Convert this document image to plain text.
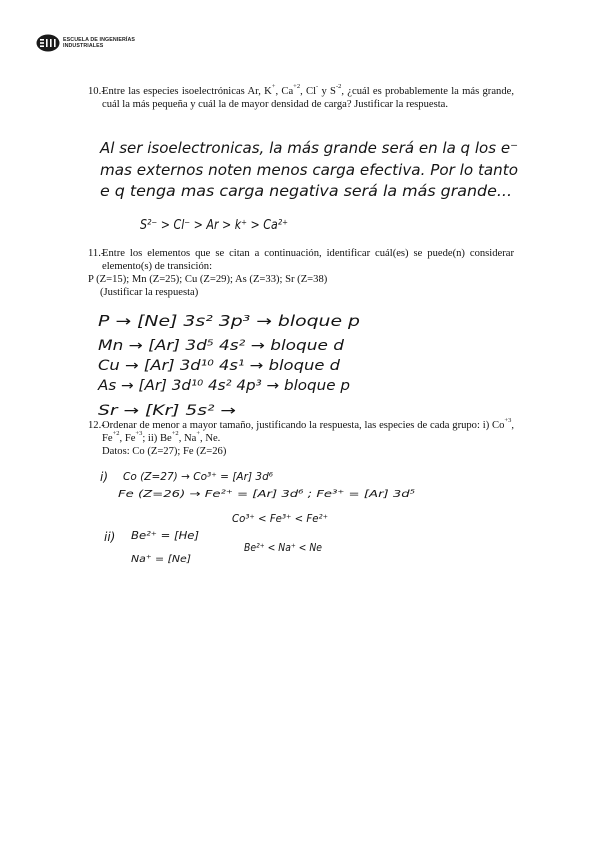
ESCUELA DE INGENIERÍAS
INDUSTRIALES
10.-
Entre las especies isoelectrónicas Ar, K+, $Ca^{+2}$, Cl- y $S^{-2}$, ¿cuál es probablemente la más grande, cuál la más pequeña y cuál la de mayor densidad de carga? Justificar la respuesta.
Al ser isoelectronicas, la más grande será en la q los e⁻
mas externos noten menos carga efectiva. Por lo tanto
e q tenga mas carga negativa será la más grande...
S²⁻ > Cl⁻ > Ar > k⁺ > Ca²⁺
11.-
Entre los elementos que se citan a continuación, identificar cuál(es) se puede(n) considerar elemento(s) de transición:
P (Z=15); Mn (Z=25); Cu (Z=29); As (Z=33); Sr (Z=38)
(Justificar la respuesta)
P → [Ne] 3s² 3p³ → bloque p
Mn → [Ar] 3d⁵ 4s² → bloque d
Cu → [Ar] 3d¹⁰ 4s¹ → bloque d
As → [Ar] 3d¹⁰ 4s² 4p³ → bloque p
Sr → [Kr] 5s² →
12.-
Ordenar de menor a mayor tamaño, justificando la respuesta, las especies de cada grupo: i) $Co^{+3}$, $Fe^{+2}$, $Fe^{+3}$; ii) $Be^{+2}$, Na+, Ne.
Datos: Co (Z=27); Fe (Z=26)
i) Co (Z=27) → Co³⁺ = [Ar] 3d⁶
Fe (Z=26) → Fe²⁺ = [Ar] 3d⁶ ; Fe³⁺ = [Ar] 3d⁵
Co³⁺ < Fe³⁺ < Fe²⁺
ii) Be²⁺ = [He]
Na⁺ = [Ne]
Be²⁺ < Na⁺ < Ne
